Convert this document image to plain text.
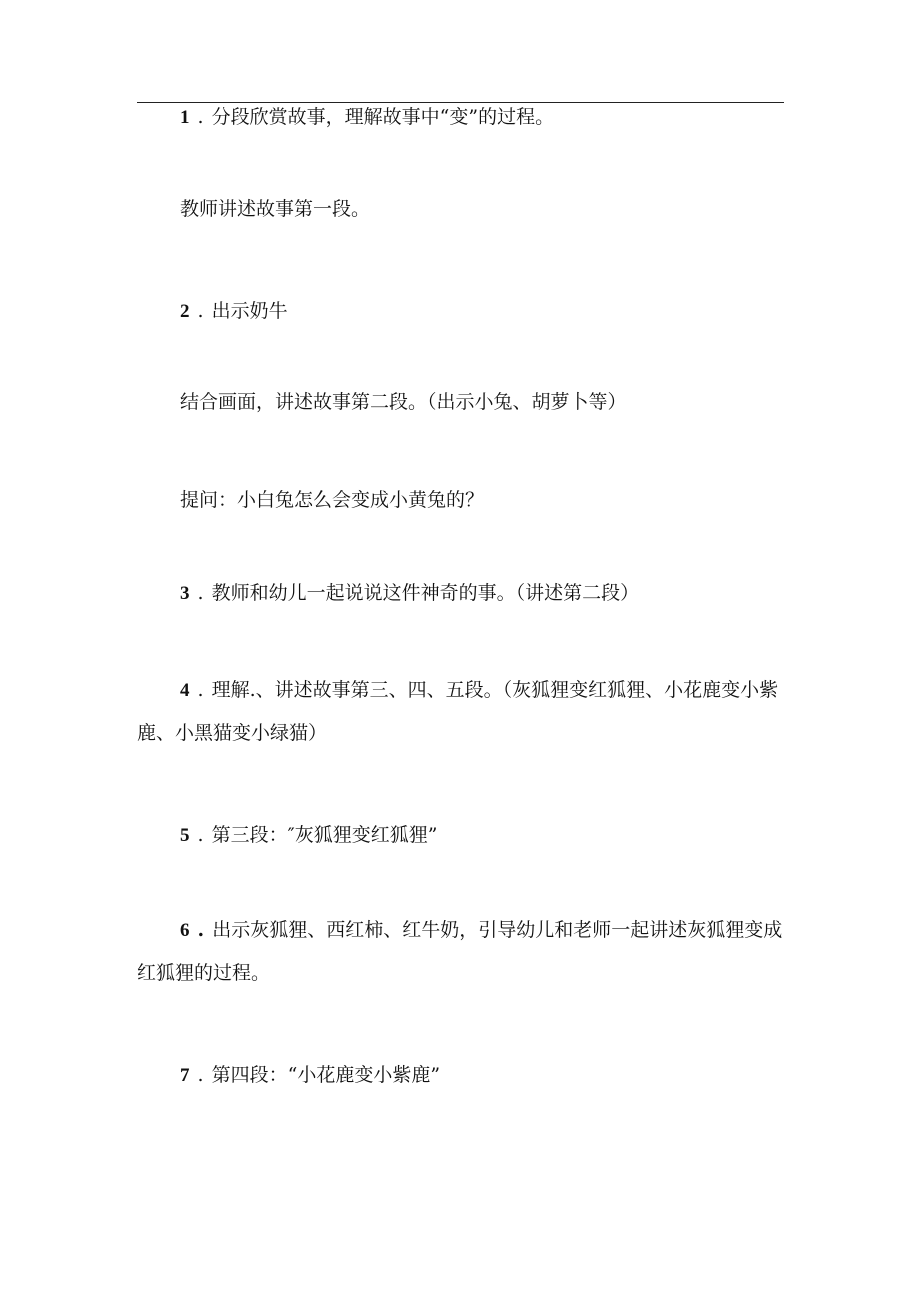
1 . 分段欣赏故事，理解故事中“变”的过程。

教师讲述故事第一段。

2 . 出示奶牛

结合画面，讲述故事第二段。（出示小兔、胡萝卜等）

提问：小白兔怎么会变成小黄兔的？

3 . 教师和幼儿一起说说这件神奇的事。（讲述第二段）

4 . 理解.、讲述故事第三、四、五段。（灰狐狸变红狐狸、小花鹿变小紫鹿、小黑猫变小绿猫）

5 . 第三段：″灰狐狸变红狐狸”

6 . 出示灰狐狸、西红柿、红牛奶，引导幼儿和老师一起讲述灰狐狸变成红狐狸的过程。

7 . 第四段：“小花鹿变小紫鹿”
